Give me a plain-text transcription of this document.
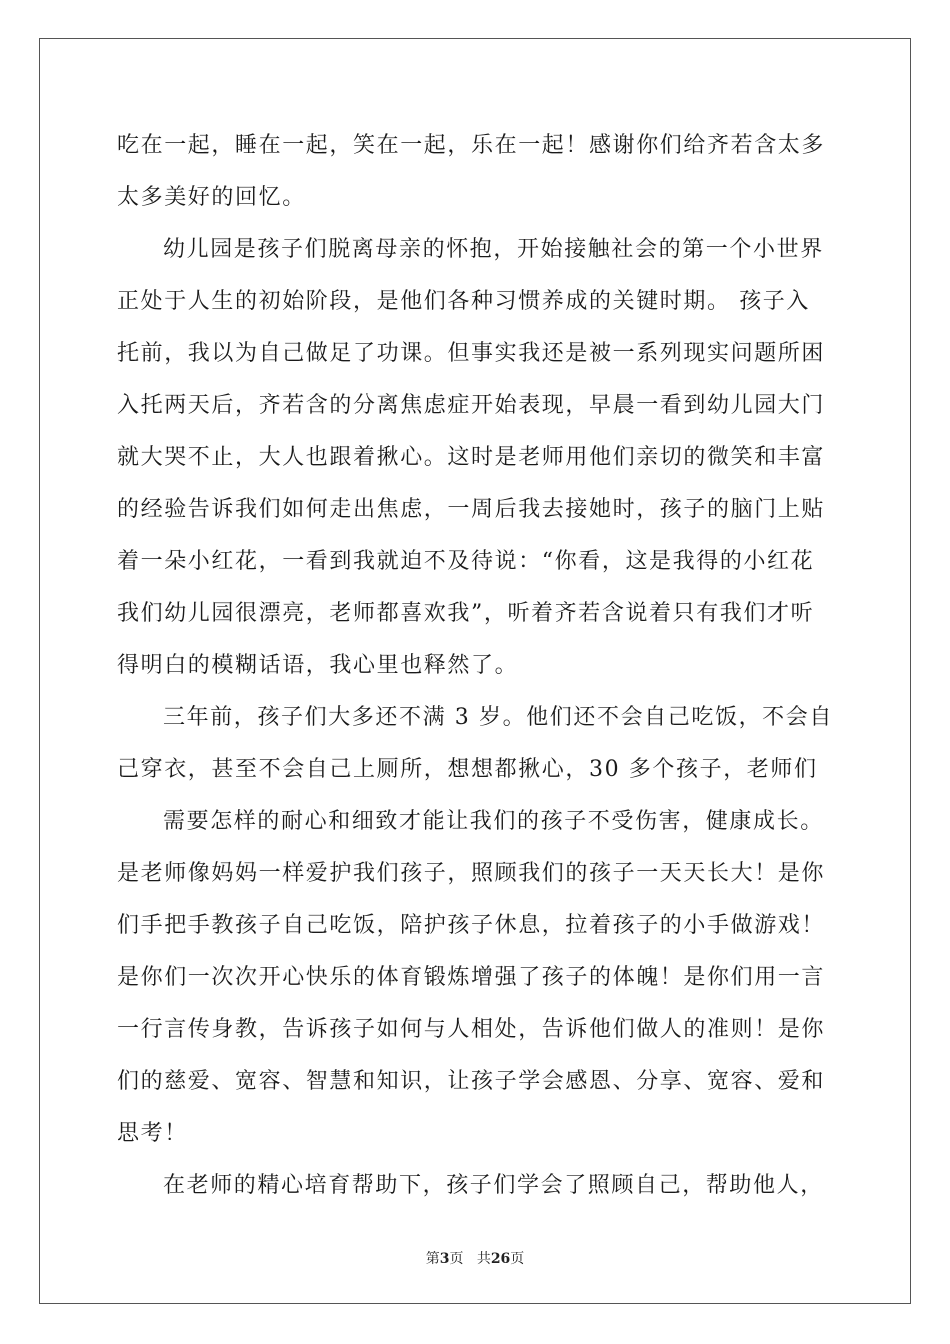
吃在一起，睡在一起，笑在一起，乐在一起！感谢你们给齐若含太多
太多美好的回忆。
幼儿园是孩子们脱离母亲的怀抱，开始接触社会的第一个小世界
正处于人生的初始阶段，是他们各种习惯养成的关键时期。 孩子入
托前，我以为自己做足了功课。但事实我还是被一系列现实问题所困
入托两天后，齐若含的分离焦虑症开始表现，早晨一看到幼儿园大门
就大哭不止，大人也跟着揪心。这时是老师用他们亲切的微笑和丰富
的经验告诉我们如何走出焦虑，一周后我去接她时，孩子的脑门上贴
着一朵小红花，一看到我就迫不及待说：“你看，这是我得的小红花
我们幼儿园很漂亮，老师都喜欢我”，听着齐若含说着只有我们才听
得明白的模糊话语，我心里也释然了。
三年前，孩子们大多还不满 3 岁。他们还不会自己吃饭，不会自
己穿衣，甚至不会自己上厕所，想想都揪心，30 多个孩子，老师们
需要怎样的耐心和细致才能让我们的孩子不受伤害，健康成长。
是老师像妈妈一样爱护我们孩子，照顾我们的孩子一天天长大！是你
们手把手教孩子自己吃饭，陪护孩子休息，拉着孩子的小手做游戏！
是你们一次次开心快乐的体育锻炼增强了孩子的体魄！是你们用一言
一行言传身教，告诉孩子如何与人相处，告诉他们做人的准则！是你
们的慈爱、宽容、智慧和知识，让孩子学会感恩、分享、宽容、爱和
思考！
在老师的精心培育帮助下，孩子们学会了照顾自己，帮助他人，
第3页 共26页
